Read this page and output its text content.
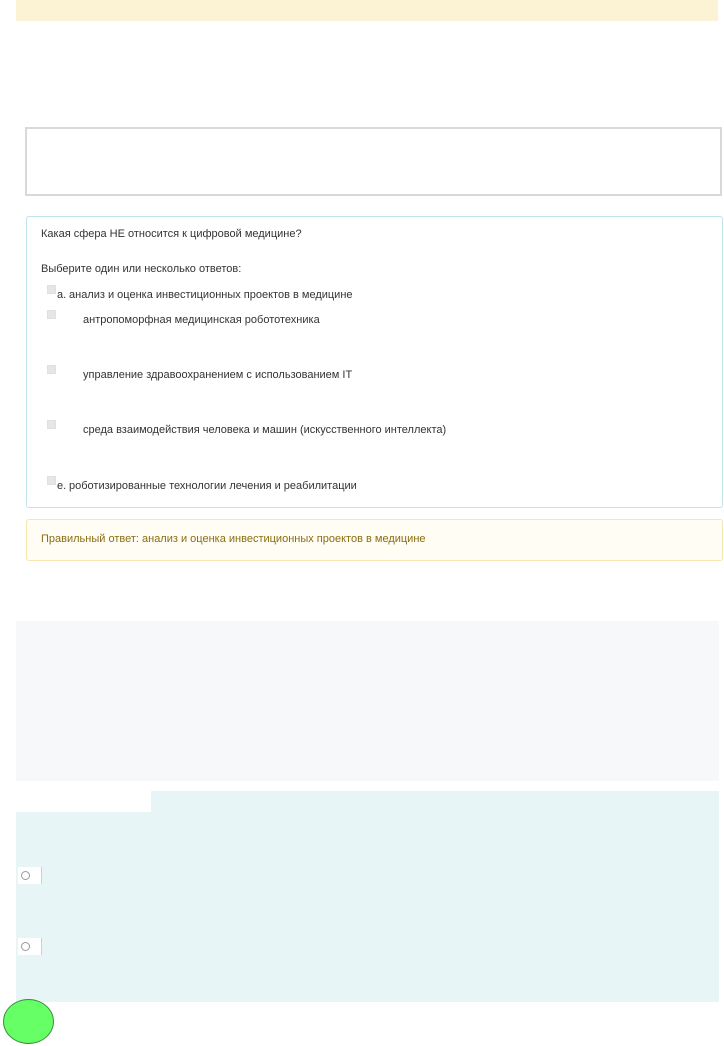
Какая сфера НЕ относится к цифровой медицине?
Выберите один или несколько ответов:
a. анализ и оценка инвестиционных проектов в медицине
антропоморфная медицинская робототехника
управление здравоохранением с использованием IT
среда взаимодействия человека и машин (искусственного интеллекта)
e. роботизированные технологии лечения и реабилитации
Правильный ответ: анализ и оценка инвестиционных проектов в медицине
